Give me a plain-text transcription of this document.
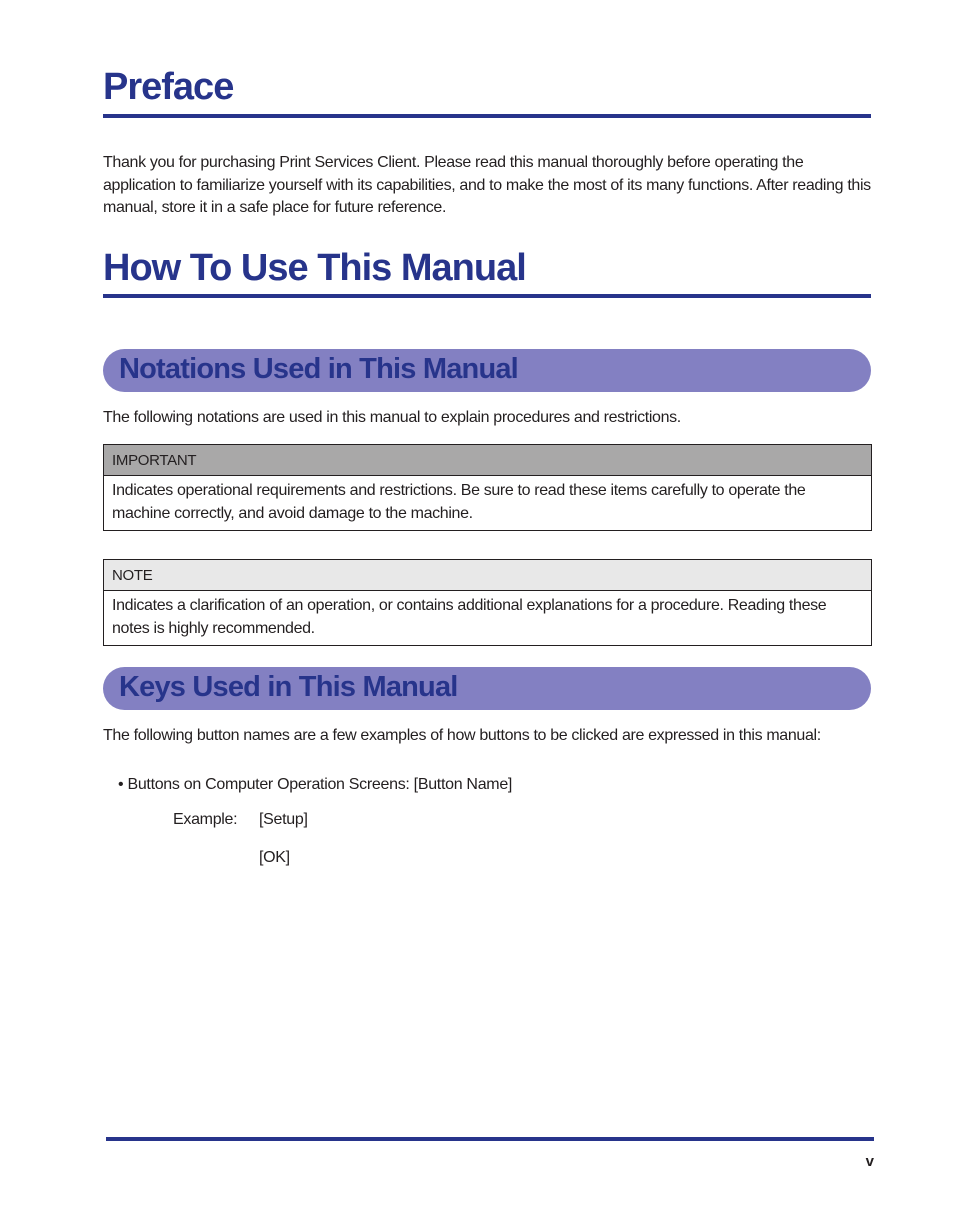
Preface

Thank you for purchasing Print Services Client. Please read this manual thoroughly before operating the application to familiarize yourself with its capabilities, and to make the most of its many functions. After reading this manual, store it in a safe place for future reference.

How To Use This Manual
Notations Used in This Manual

The following notations are used in this manual to explain procedures and restrictions.

IMPORTANT
Indicates operational requirements and restrictions. Be sure to read these items carefully to operate the machine correctly, and avoid damage to the machine.
NOTE
Indicates a clarification of an operation, or contains additional explanations for a procedure. Reading these notes is highly recommended.
Keys Used in This Manual

The following button names are a few examples of how buttons to be clicked are expressed in this manual:

• Buttons on Computer Operation Screens: [Button Name]
Example: [Setup]
[OK]
v
